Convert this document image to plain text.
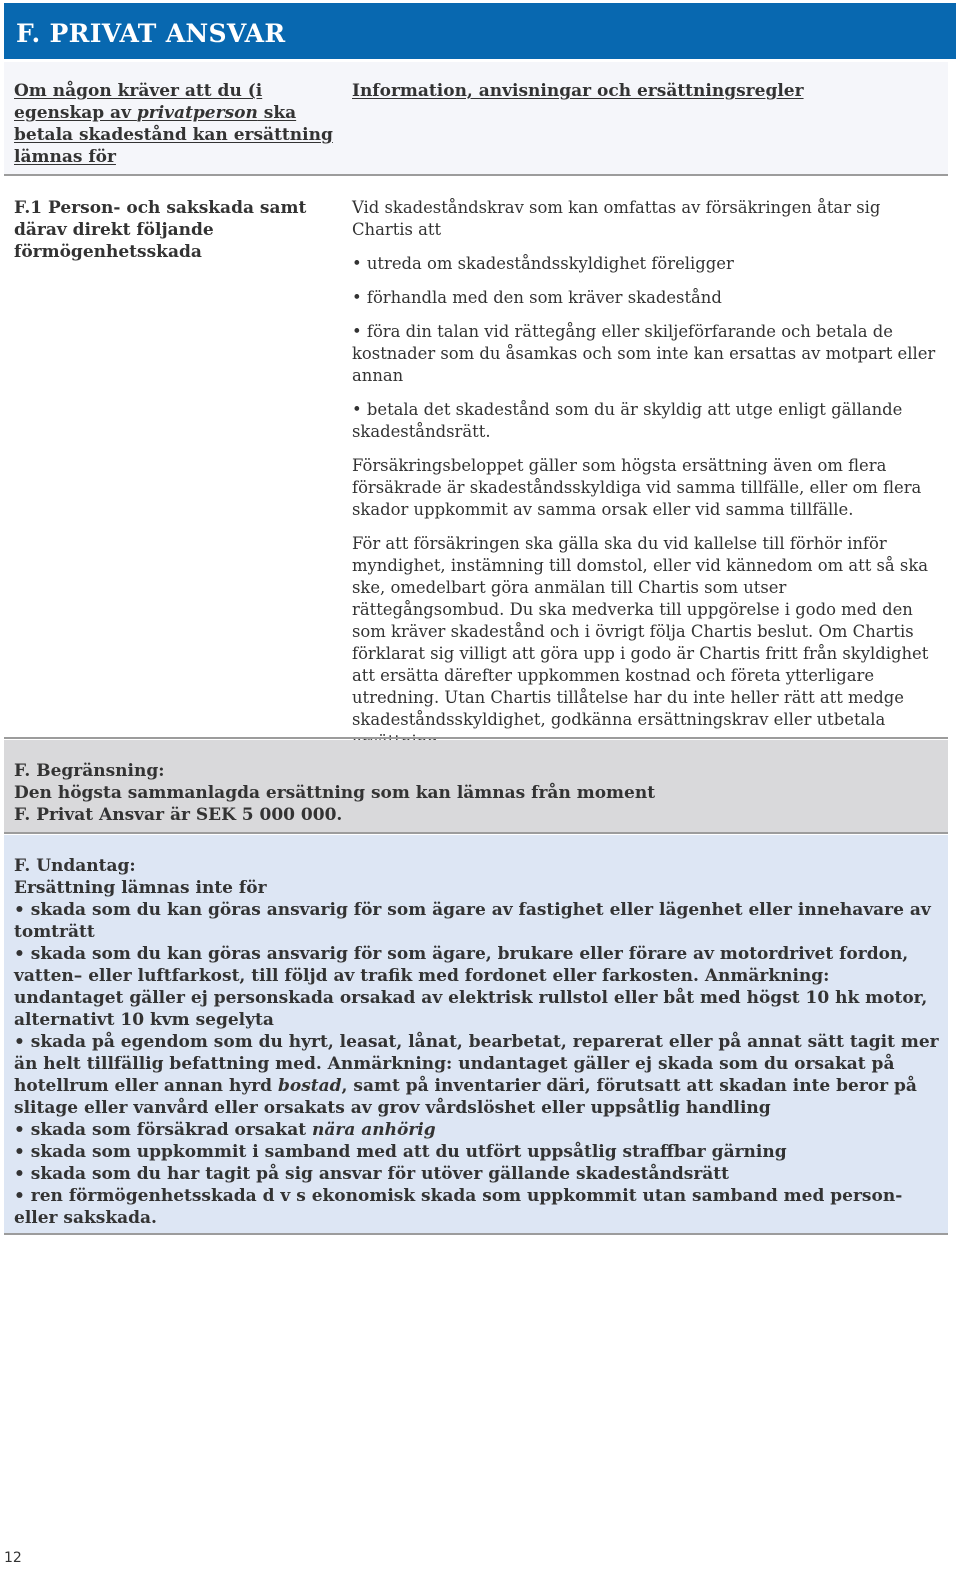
F. PRIVAT ANSVAR

Om någon kräver att du (i egenskap av privatperson ska betala skadestånd kan ersättning lämnas för

Information, anvisningar och ersättningsregler

F.1 Person- och sakskada samt därav direkt följande förmögenhetsskada

Vid skadeståndskrav som kan omfattas av försäkringen åtar sig Chartis att

• utreda om skadeståndsskyldighet föreligger

• förhandla med den som kräver skadestånd

• föra din talan vid rättegång eller skiljeförfarande och betala de kostnader som du åsamkas och som inte kan ersattas av motpart eller annan

• betala det skadestånd som du är skyldig att utge enligt gällande skadeståndsrätt.

Försäkringsbeloppet gäller som högsta ersättning även om flera försäkrade är skadeståndsskyldiga vid samma tillfälle, eller om flera skador uppkommit av samma orsak eller vid samma tillfälle.

För att försäkringen ska gälla ska du vid kallelse till förhör inför myndighet, instämning till domstol, eller vid kännedom om att så ska ske, omedelbart göra anmälan till Chartis som utser rättegångsombud. Du ska medverka till uppgörelse i godo med den som kräver skadestånd och i övrigt följa Chartis beslut. Om Chartis förklarat sig villigt att göra upp i godo är Chartis fritt från skyldighet att ersätta därefter uppkommen kostnad och företa ytterligare utredning. Utan Chartis tillåtelse har du inte heller rätt att medge skadeståndsskyldighet, godkänna ersättningskrav eller utbetala

F. Begränsning:

Den högsta sammanlagda ersättning som kan lämnas från moment F. Privat Ansvar är SEK 5 000 000.

F. Undantag:

Ersättning lämnas inte för

• skada som du kan göras ansvarig för som ägare av fastighet eller lägenhet eller innehavare av tomträtt

• skada som du kan göras ansvarig för som ägare, brukare eller förare av motordrivet fordon, vatten– eller luftfarkost, till följd av trafik med fordonet eller farkosten. Anmärkning: undantaget gäller ej personskada orsakad av elektrisk rullstol eller båt med högst 10 hk motor, alternativt 10 kvm segelyta

• skada på egendom som du hyrt, leasat, lånat, bearbetat, reparerat eller på annat sätt tagit mer än helt tillfällig befattning med. Anmärkning: undantaget gäller ej skada som du orsakat på hotellrum eller annan hyrd bostad, samt på inventarier däri, förutsatt att skadan inte beror på slitage eller vanvård eller orsakats av grov vårdslöshet eller uppsåtlig handling

• skada som försäkrad orsakat nära anhörig

• skada som uppkommit i samband med att du utfört uppsåtlig straffbar gärning

• skada som du har tagit på sig ansvar för utöver gällande skadeståndsrätt

• ren förmögenhetsskada d v s ekonomisk skada som uppkommit utan samband med person- eller sakskada.

12
